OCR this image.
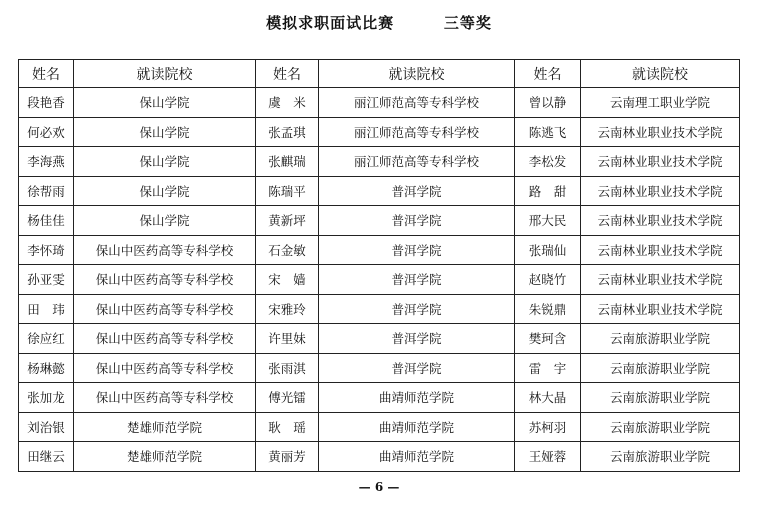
模拟求职面试比赛        三等奖
姓名	就读院校	姓名	就读院校	姓名	就读院校
段艳香	保山学院	虞　米	丽江师范高等专科学校	曾以静	云南理工职业学院
何必欢	保山学院	张孟琪	丽江师范高等专科学校	陈逃飞	云南林业职业技术学院
李海燕	保山学院	张麒瑞	丽江师范高等专科学校	李松发	云南林业职业技术学院
徐帮雨	保山学院	陈瑞平	普洱学院	路　甜	云南林业职业技术学院
杨佳佳	保山学院	黄新坪	普洱学院	邢大民	云南林业职业技术学院
李怀琦	保山中医药高等专科学校	石金敏	普洱学院	张瑞仙	云南林业职业技术学院
孙亚雯	保山中医药高等专科学校	宋　嫱	普洱学院	赵晓竹	云南林业职业技术学院
田　玮	保山中医药高等专科学校	宋雅玲	普洱学院	朱锐鼎	云南林业职业技术学院
徐应红	保山中医药高等专科学校	许里妹	普洱学院	樊珂含	云南旅游职业学院
杨琳懿	保山中医药高等专科学校	张雨淇	普洱学院	雷　宇	云南旅游职业学院
张加龙	保山中医药高等专科学校	傅光镭	曲靖师范学院	林大晶	云南旅游职业学院
刘治银	楚雄师范学院	耿　瑶	曲靖师范学院	苏柯羽	云南旅游职业学院
田继云	楚雄师范学院	黄丽芳	曲靖师范学院	王娅蓉	云南旅游职业学院
— 6 —
